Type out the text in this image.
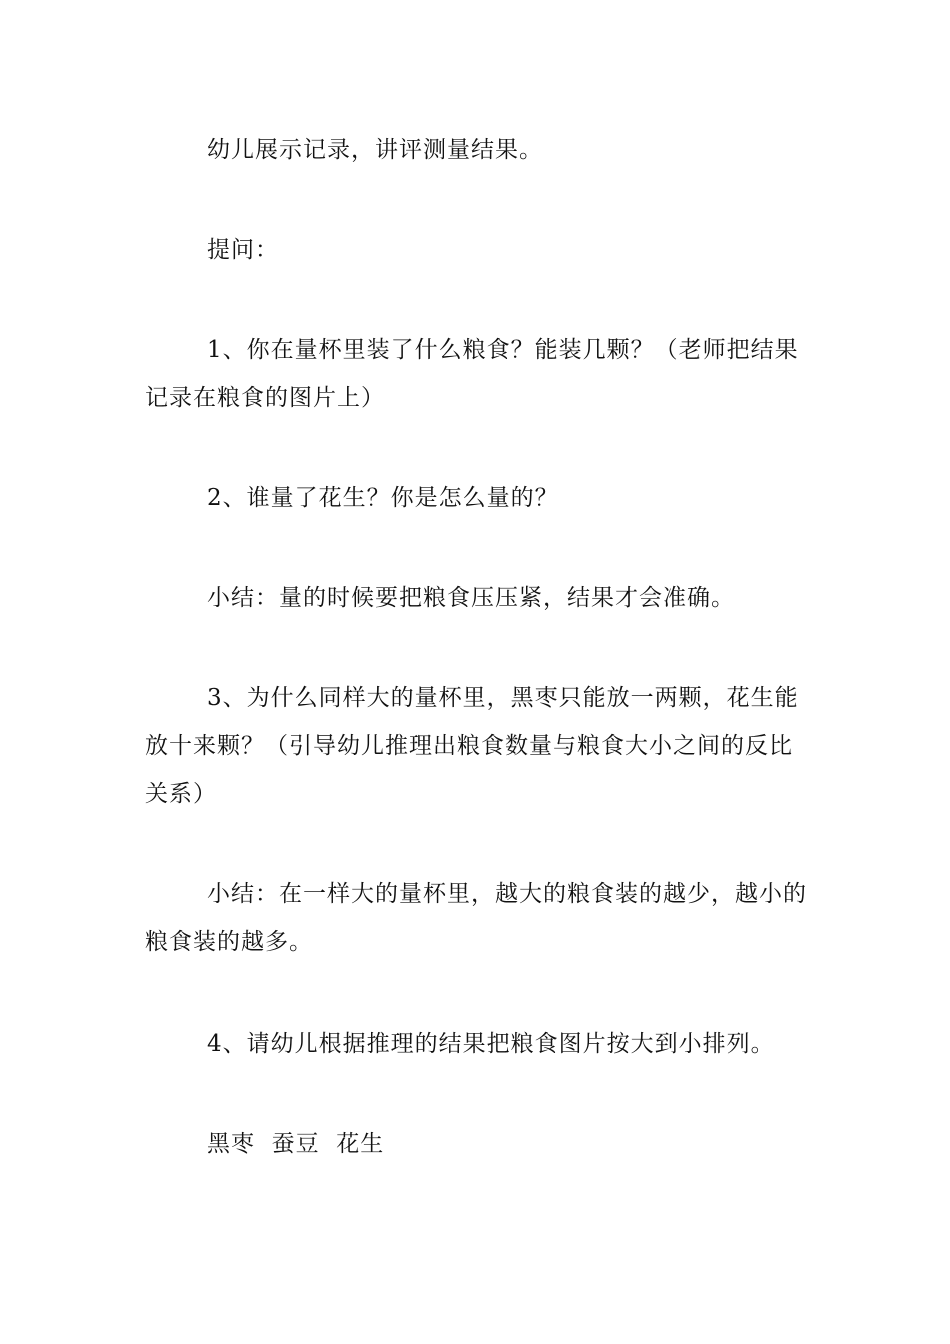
幼儿展示记录，讲评测量结果。

提问：

1、你在量杯里装了什么粮食？能装几颗？（老师把结果记录在粮食的图片上）

2、谁量了花生？你是怎么量的？

小结：量的时候要把粮食压压紧，结果才会准确。

3、为什么同样大的量杯里，黑枣只能放一两颗，花生能放十来颗？（引导幼儿推理出粮食数量与粮食大小之间的反比关系）

小结：在一样大的量杯里，越大的粮食装的越少，越小的粮食装的越多。

4、请幼儿根据推理的结果把粮食图片按大到小排列。

黑枣  蚕豆  花生
